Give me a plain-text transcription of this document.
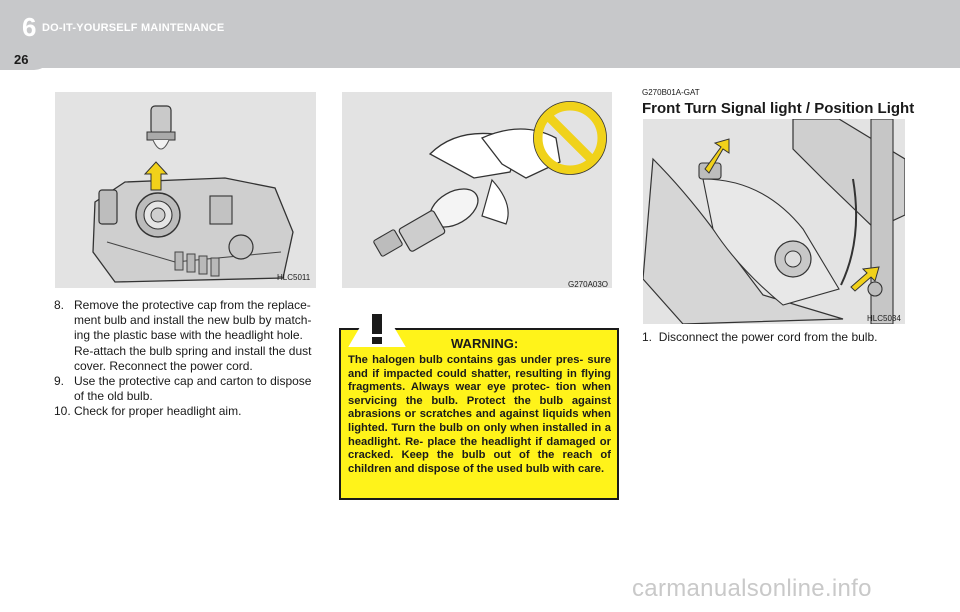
6 DO-IT-YOURSELF MAINTENANCE
26
HLC5011
G270A03O
8. Remove the protective cap from the replace- ment bulb and install the new bulb by match- ing the plastic base with the headlight hole. Re-attach the bulb spring and install the dust cover. Reconnect the power cord.
9. Use the protective cap and carton to dispose of the old bulb.
10. Check for proper headlight aim.
WARNING:
The halogen bulb contains gas under pres- sure and if impacted could shatter, resulting in flying fragments. Always wear eye protec- tion when servicing the bulb. Protect the bulb against abrasions or scratches and against liquids when lighted. Turn the bulb on only when installed in a headlight. Re- place the headlight if damaged or cracked. Keep the bulb out of the reach of children and dispose of the used bulb with care.
G270B01A-GAT
Front Turn Signal light / Position Light
HLC5034
1. Disconnect the power cord from the bulb.
carmanualsonline.info
